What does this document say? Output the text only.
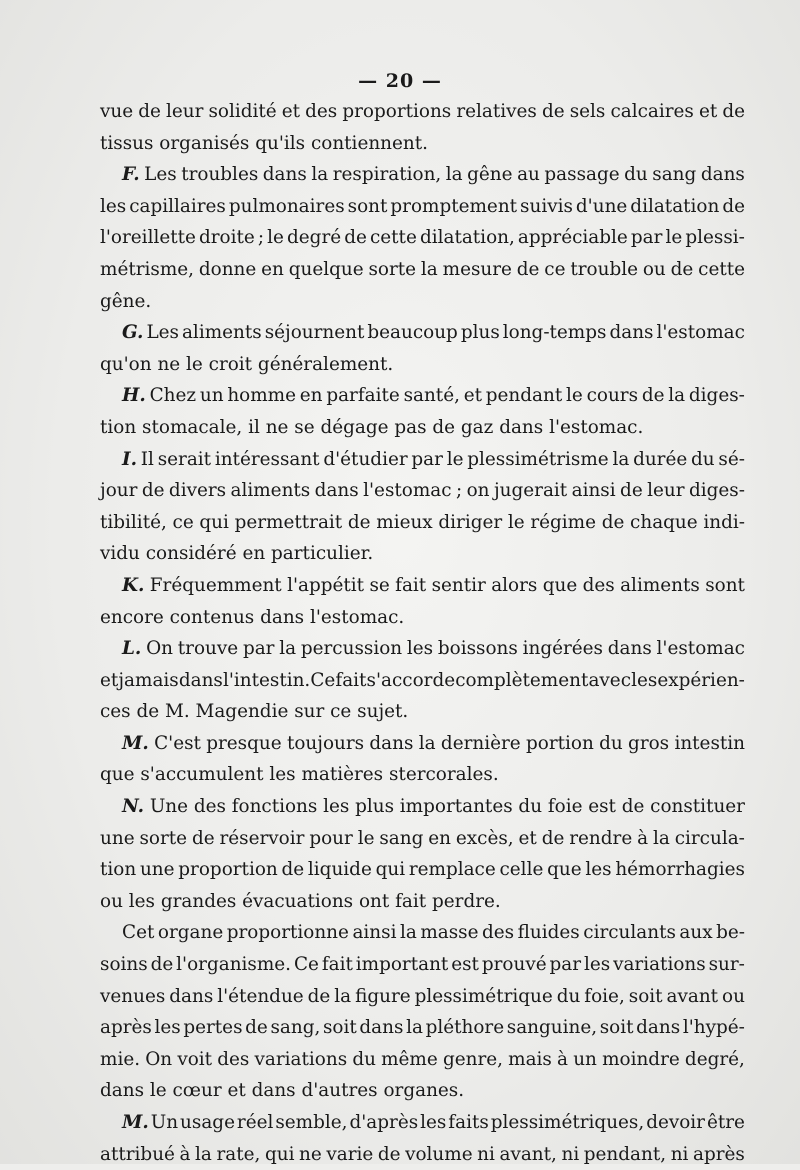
— 20 —
vue de leur solidité et des proportions relatives de sels calcaires et de
tissus organisés qu'ils contiennent.
F. Les troubles dans la respiration, la gêne au passage du sang dans
les capillaires pulmonaires sont promptement suivis d'une dilatation de
l'oreillette droite ; le degré de cette dilatation, appréciable par le plessi-
métrisme, donne en quelque sorte la mesure de ce trouble ou de cette
gêne.
G. Les aliments séjournent beaucoup plus long-temps dans l'estomac
qu'on ne le croit généralement.
H. Chez un homme en parfaite santé, et pendant le cours de la diges-
tion stomacale, il ne se dégage pas de gaz dans l'estomac.
I. Il serait intéressant d'étudier par le plessimétrisme la durée du sé-
jour de divers aliments dans l'estomac ; on jugerait ainsi de leur diges-
tibilité, ce qui permettrait de mieux diriger le régime de chaque indi-
vidu considéré en particulier.
K. Fréquemment l'appétit se fait sentir alors que des aliments sont
encore contenus dans l'estomac.
L. On trouve par la percussion les boissons ingérées dans l'estomac
et jamais dans l'intestin. Ce fait s'accorde complètement avec les expérien-
ces de M. Magendie sur ce sujet.
M. C'est presque toujours dans la dernière portion du gros intestin
que s'accumulent les matières stercorales.
N. Une des fonctions les plus importantes du foie est de constituer
une sorte de réservoir pour le sang en excès, et de rendre à la circula-
tion une proportion de liquide qui remplace celle que les hémorrhagies
ou les grandes évacuations ont fait perdre.
Cet organe proportionne ainsi la masse des fluides circulants aux be-
soins de l'organisme. Ce fait important est prouvé par les variations sur-
venues dans l'étendue de la figure plessimétrique du foie, soit avant ou
après les pertes de sang, soit dans la pléthore sanguine, soit dans l'hypé-
mie. On voit des variations du même genre, mais à un moindre degré,
dans le cœur et dans d'autres organes.
M. Un usage réel semble, d'après les faits plessimétriques, devoir être
attribué à la rate, qui ne varie de volume ni avant, ni pendant, ni après
